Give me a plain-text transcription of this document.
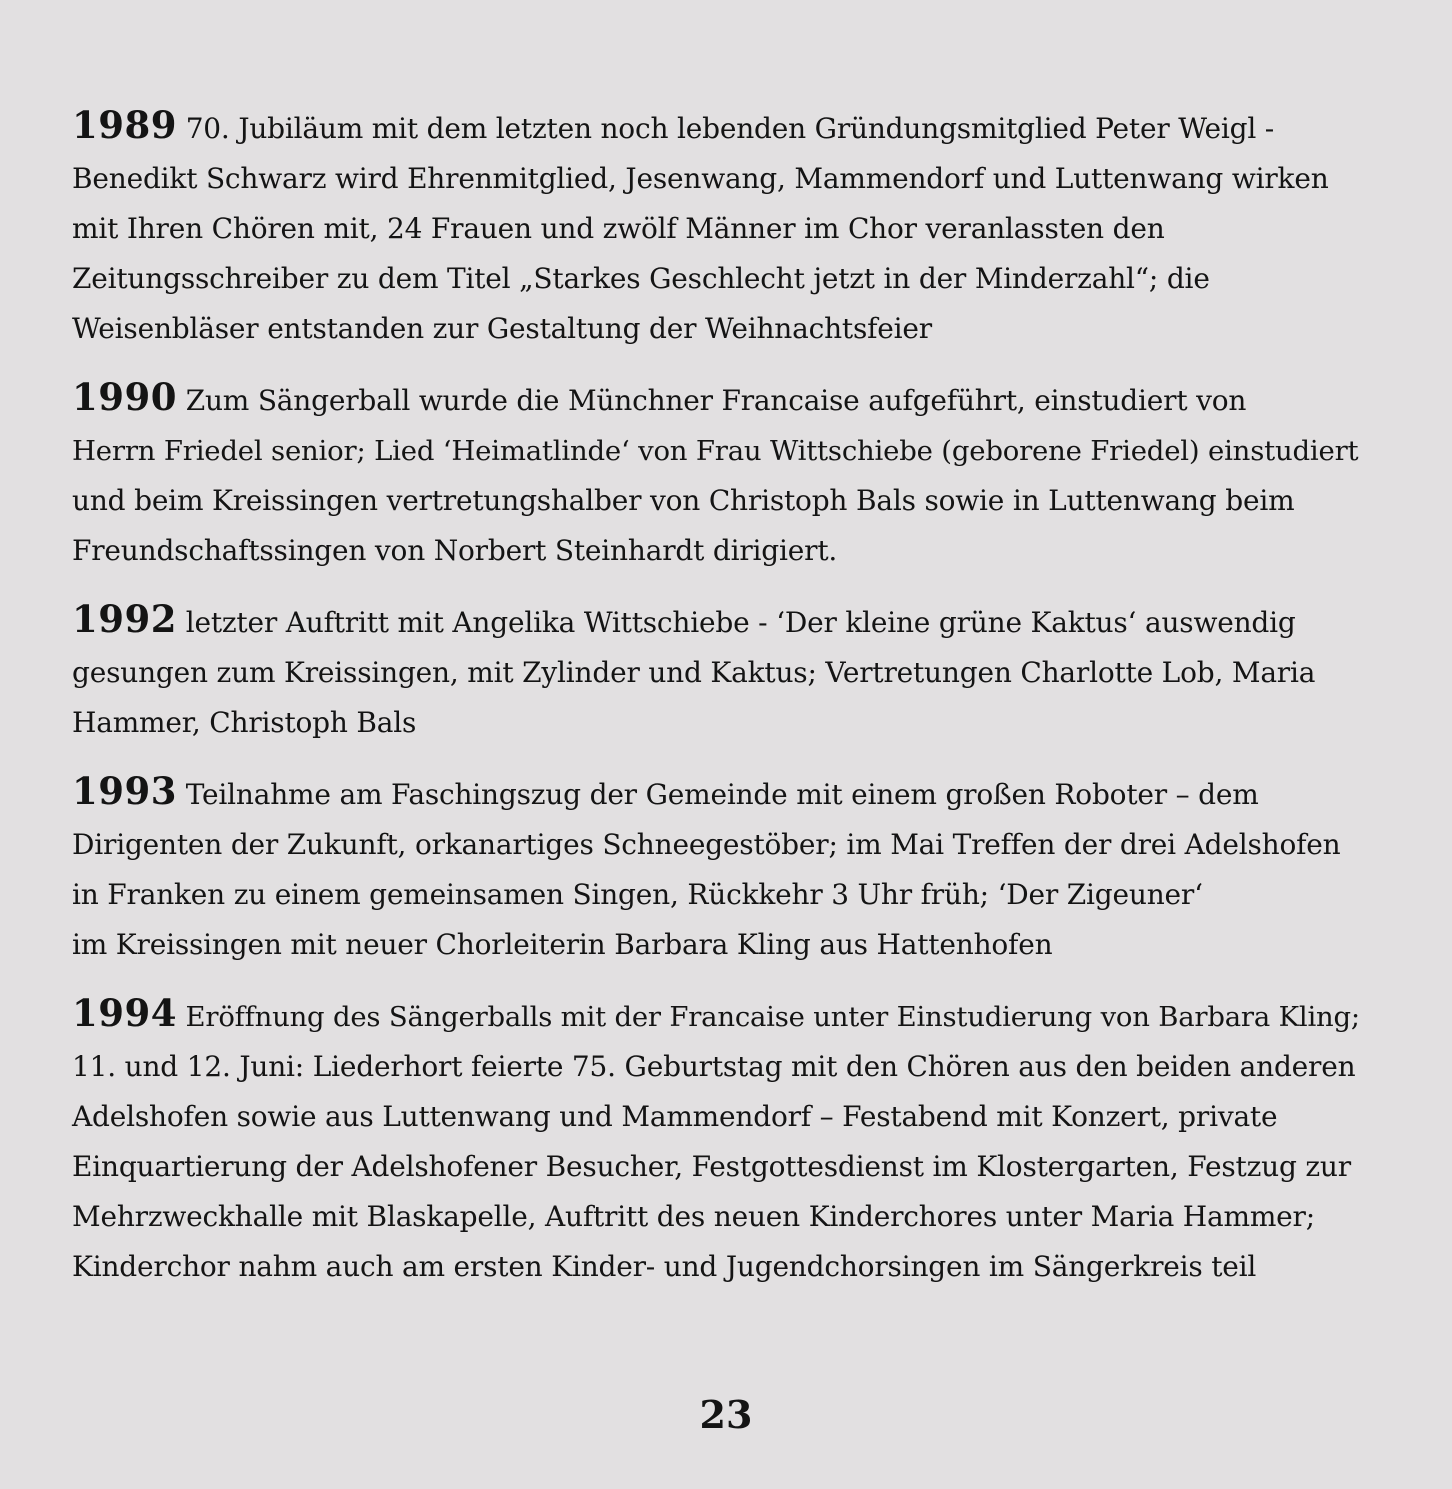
1989 70. Jubiläum mit dem letzten noch lebenden Gründungsmitglied Peter Weigl -
Benedikt Schwarz wird Ehrenmitglied, Jesenwang, Mammendorf und Luttenwang wirken
mit Ihren Chören mit, 24 Frauen und zwölf Männer im Chor veranlassten den
Zeitungsschreiber zu dem Titel „Starkes Geschlecht jetzt in der Minderzahl“; die
Weisenbläser entstanden zur Gestaltung der Weihnachtsfeier
1990 Zum Sängerball wurde die Münchner Francaise aufgeführt, einstudiert von
Herrn Friedel senior; Lied ‘Heimatlinde‘ von Frau Wittschiebe (geborene Friedel) einstudiert
und beim Kreissingen vertretungshalber von Christoph Bals sowie in Luttenwang beim
Freundschaftssingen von Norbert Steinhardt dirigiert.
1992 letzter Auftritt mit Angelika Wittschiebe - ‘Der kleine grüne Kaktus‘ auswendig
gesungen zum Kreissingen, mit Zylinder und Kaktus; Vertretungen Charlotte Lob, Maria
Hammer, Christoph Bals
1993 Teilnahme am Faschingszug der Gemeinde mit einem großen Roboter – dem
Dirigenten der Zukunft, orkanartiges Schneegestöber; im Mai Treffen der drei Adelshofen
in Franken zu einem gemeinsamen Singen, Rückkehr 3 Uhr früh; ‘Der Zigeuner‘
im Kreissingen mit neuer Chorleiterin Barbara Kling aus Hattenhofen
1994 Eröffnung des Sängerballs mit der Francaise unter Einstudierung von Barbara Kling;
11. und 12. Juni: Liederhort feierte 75. Geburtstag mit den Chören aus den beiden anderen
Adelshofen sowie aus Luttenwang und Mammendorf – Festabend mit Konzert, private
Einquartierung der Adelshofener Besucher, Festgottesdienst im Klostergarten, Festzug zur
Mehrzweckhalle mit Blaskapelle, Auftritt des neuen Kinderchores unter Maria Hammer;
Kinderchor nahm auch am ersten Kinder- und Jugendchorsingen im Sängerkreis teil
23
